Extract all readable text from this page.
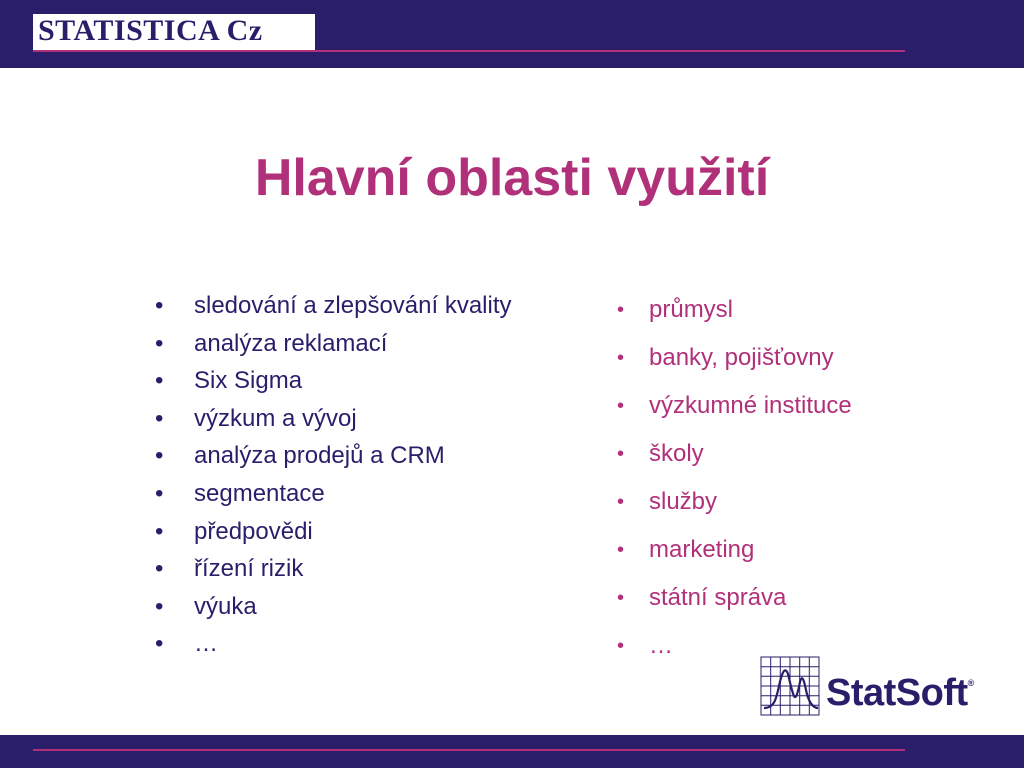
STATISTICA Cz
Hlavní oblasti využití
• sledování a zlepšování kvality
• analýza reklamací
• Six Sigma
• výzkum a vývoj
• analýza prodejů a CRM
• segmentace
• předpovědi
• řízení rizik
• výuka
• …
• průmysl
• banky, pojišťovny
• výzkumné instituce
• školy
• služby
• marketing
• státní správa
• …
StatSoft®
